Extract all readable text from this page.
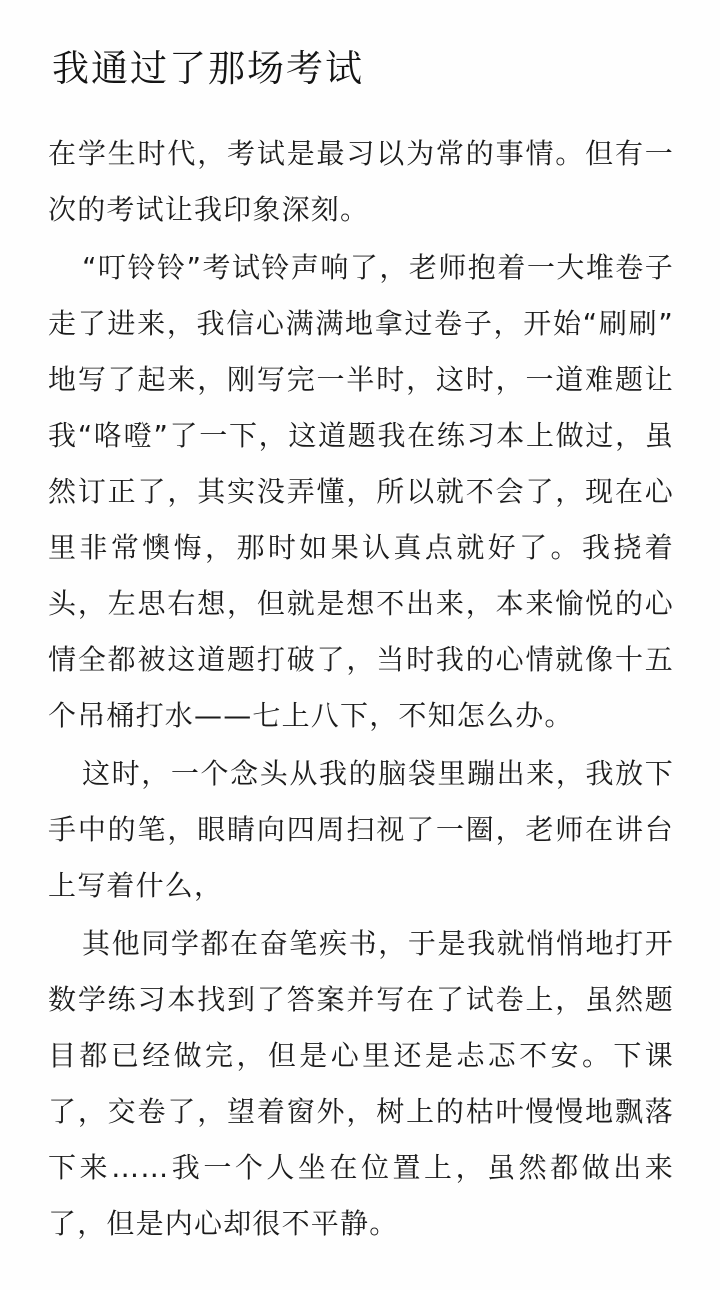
我通过了那场考试

在学生时代，考试是最习以为常的事情。但有一次的考试让我印象深刻。

“叮铃铃”考试铃声响了，老师抱着一大堆卷子走了进来，我信心满满地拿过卷子，开始“刷刷”地写了起来，刚写完一半时，这时，一道难题让我“咯噔”了一下，这道题我在练习本上做过，虽然订正了，其实没弄懂，所以就不会了，现在心里非常懊悔，那时如果认真点就好了。我挠着头，左思右想，但就是想不出来，本来愉悦的心情全都被这道题打破了，当时我的心情就像十五个吊桶打水——七上八下，不知怎么办。

这时，一个念头从我的脑袋里蹦出来，我放下手中的笔，眼睛向四周扫视了一圈，老师在讲台上写着什么，

其他同学都在奋笔疾书，于是我就悄悄地打开数学练习本找到了答案并写在了试卷上，虽然题目都已经做完，但是心里还是忐忑不安。下课了，交卷了，望着窗外，树上的枯叶慢慢地飘落下来……我一个人坐在位置上，虽然都做出来了，但是内心却很不平静。
